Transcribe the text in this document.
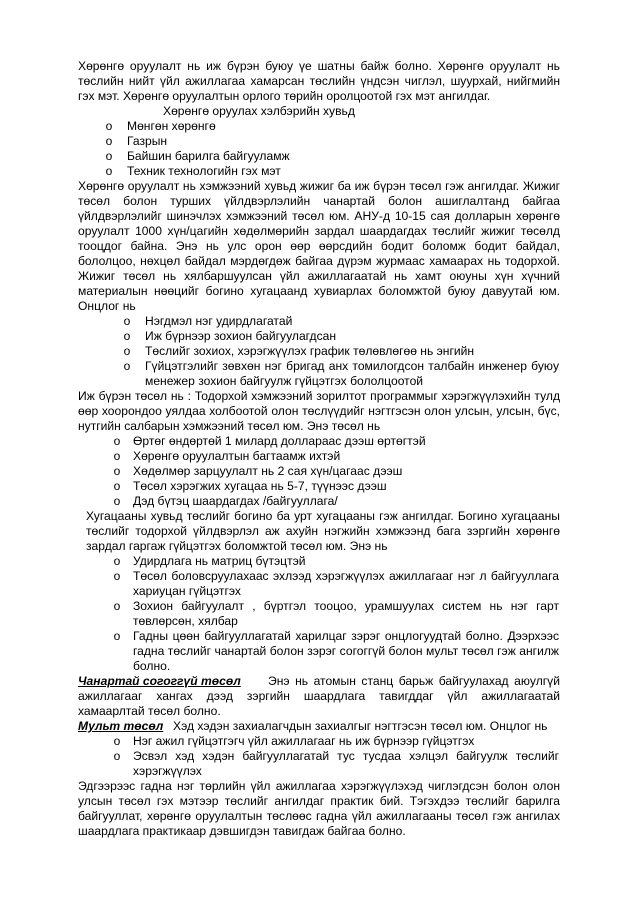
Хөрөнгө оруулалт нь иж бүрэн буюу үе шатны байж болно. Хөрөнгө оруулалт нь
төслийн нийт үйл ажиллагаа хамарсан төслийн үндсэн чиглэл, шуурхай, нийгмийн
гэх мэт. Хөрөнгө оруулалтын орлого төрийн оролцоотой гэх мэт ангилдаг.
Хөрөнгө оруулах хэлбэрийн хувьд
o Мөнгөн хөрөнгө
o Газрын
o Байшин барилга байгууламж
o Техник технологийн гэх мэт
Хөрөнгө оруулалт нь хэмжээний хувьд жижиг ба иж бүрэн төсөл гэж ангилдаг. Жижиг
төсөл болон турших үйлдвэрлэлийн чанартай болон ашиглалтанд байгаа
үйлдвэрлэлийг шинэчлэх хэмжээний төсөл юм. АНУ-д 10-15 сая долларын хөрөнгө
оруулалт 1000 хүн/цагийн хөдөлмөрийн зардал шаардагдах төслийг жижиг төсөлд
тооцдог байна. Энэ нь улс орон өөр өөрсдийн бодит боломж бодит байдал,
бололцоо, нөхцөл байдал мэрдөгдөж байгаа дүрэм журмаас хамаарах нь тодорхой.
Жижиг төсөл нь хялбаршуулсан үйл ажиллагаатай нь хамт оюуны хүн хүчний
материалын нөөцийг богино хугацаанд хувиарлах боломжтой буюу давуутай юм.
Онцлог нь
o Нэгдмэл нэг удирдлагатай
o Иж бүрнээр зохион байгуулагдсан
o Төслийг зохиох, хэрэгжүүлэх график төлөвлөгөө нь энгийн
o Гүйцэтгэлийг зөвхөн нэг бригад анх томилогдсон талбайн инженер буюу
менежер зохион байгуулж гүйцэтгэх бололцоотой
Иж бүрэн төсөл нь : Тодорхой хэмжээний зорилтот программыг хэрэгжүүлэхийн тулд
өөр хоорондоо уялдаа холбоотой олон төслүүдийг нэгтгэсэн олон улсын, улсын, бүс,
нутгийн салбарын хэмжээний төсөл юм. Энэ төсөл нь
o Өртөг өндөртөй 1 милард доллараас дээш өртөгтэй
o Хөрөнгө оруулалтын багтаамж ихтэй
o Хөдөлмөр зарцуулалт нь 2 сая хүн/цагаас дээш
o Төсөл хэрэгжих хугацаа нь 5-7, түүнээс дээш
o Дэд бүтэц шаардагдах /байгууллага/
Хугацааны хувьд төслийг богино ба урт хугацааны гэж ангилдаг. Богино хугацааны
төслийг тодорхой үйлдвэрлэл аж ахуйн нэгжийн хэмжээнд бага зэргийн хөрөнгө
зардал гаргаж гүйцэтгэх боломжтой төсөл юм. Энэ нь
o Удирдлага нь матриц бүтэцтэй
o Төсөл боловсруулахаас эхлээд хэрэгжүүлэх ажиллагааг нэг л байгууллага
хариуцан гүйцэтгэх
o Зохион байгуулалт , бүртгэл тооцоо, урамшуулах систем нь нэг гарт
төвлөрсөн, хялбар
o Гадны цөөн байгууллагатай харилцаг зэрэг онцлогуудтай болно. Дээрхээс
гадна төслийг чанартай болон зэрэг согоггүй болон мульт төсөл гэж ангилж
болно.
Чанартай согоггүй төсөл	Энэ нь атомын станц барьж байгуулахад аюулгүй
ажиллагааг хангах дээд зэргийн шаардлага тавигддаг үйл ажиллагаатай
хамаарлтай төсөл болно.
Мульт төсөл Хэд хэдэн захиалагчдын захиалгыг нэгтгэсэн төсөл юм. Онцлог нь
o Нэг ажил гүйцэтгэгч үйл ажиллагааг нь иж бүрнээр гүйцэтгэх
o Эсвэл хэд хэдэн байгууллагатай тус тусдаа хэлцэл байгуулж төслийг
хэрэгжүүлэх
Эдгээрээс гадна нэг төрлийн үйл ажиллагаа хэрэгжүүлэхэд чиглэгдсэн болон олон
улсын төсөл гэх мэтээр төслийг ангилдаг практик бий. Тэгэхдээ төслийг барилга
байгууллат, хөрөнгө оруулалтын төслөөс гадна үйл ажиллагааны төсөл гэж ангилах
шаардлага практикаар дэвшигдэн тавигдаж байгаа болно.
